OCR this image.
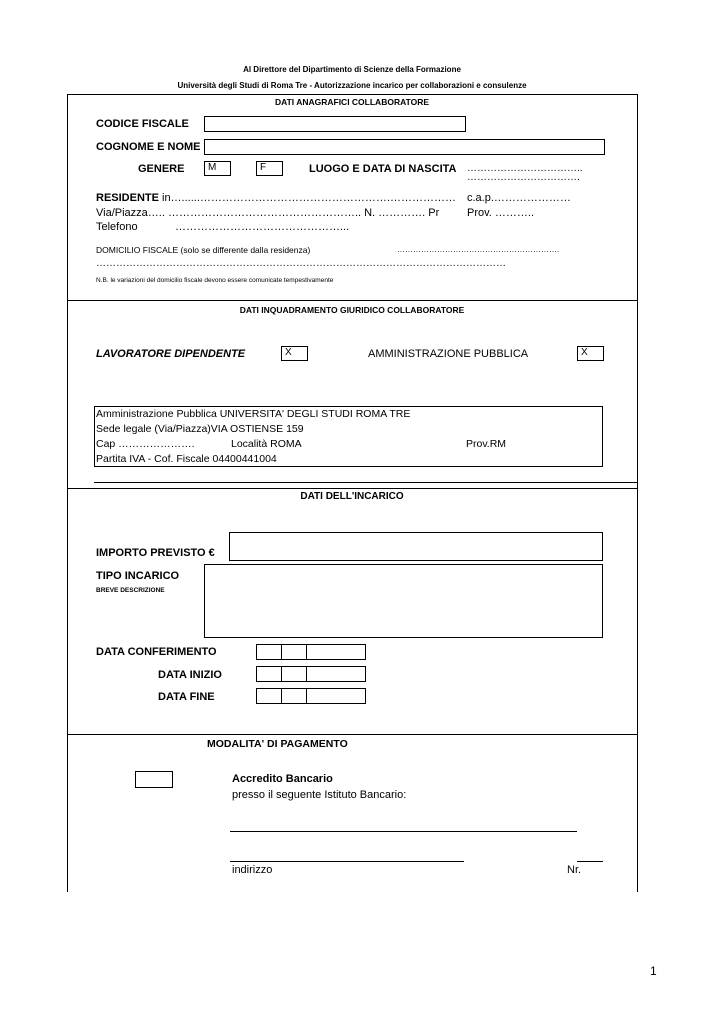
Al Direttore del Dipartimento di Scienze della Formazione
Università degli Studi di Roma Tre - Autorizzazione incarico per collaborazioni e consulenze
DATI ANAGRAFICI COLLABORATORE
CODICE FISCALE
COGNOME E NOME
GENERE	M	F	LUOGO E DATA DI NASCITA ……………………………..
…………………………….
RESIDENTE in…......…………………………………………….……………… c.a.p.…………………
Via/Piazza….. …………………………………………….. N. …………. Pr	Prov. ………..
Telefono	………………………………………...
DOMICILIO FISCALE (solo se differente dalla residenza)	…………………………………………………….
……………………………………………………………………………………………………………
N.B. le variazioni del domicilio fiscale devono essere comunicate tempestivamente
DATI INQUADRAMENTO GIURIDICO COLLABORATORE
LAVORATORE DIPENDENTE	X	AMMINISTRAZIONE PUBBLICA	X
Amministrazione Pubblica UNIVERSITA' DEGLI STUDI ROMA TRE
Sede legale (Via/Piazza)VIA OSTIENSE 159
Cap ………………….	Località ROMA	Prov.RM
Partita IVA - Cof. Fiscale 04400441004
DATI DELL'INCARICO
IMPORTO PREVISTO €
TIPO INCARICO
BREVE DESCRIZIONE
DATA CONFERIMENTO
DATA INIZIO
DATA FINE
MODALITA' DI PAGAMENTO
Accredito Bancario
presso il seguente Istituto Bancario:
indirizzo	Nr.
1
